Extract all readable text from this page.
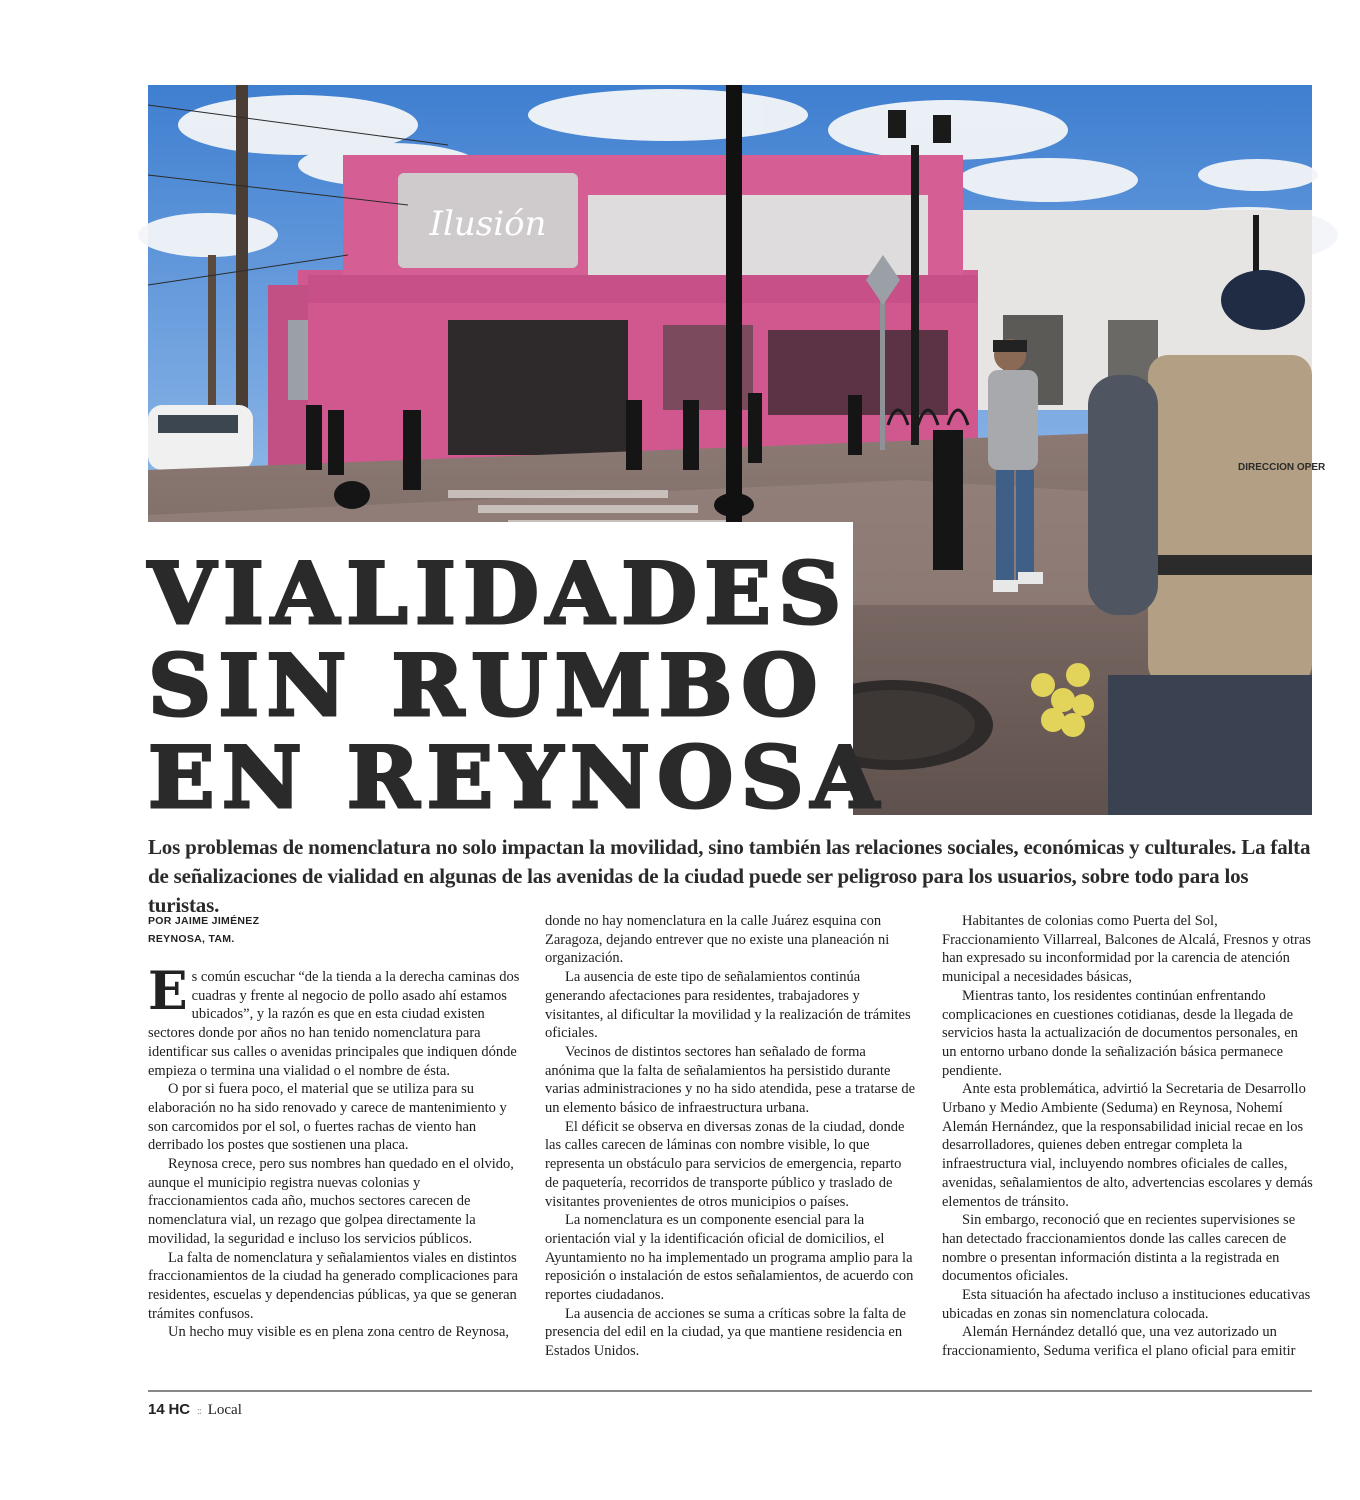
Ilusión
DIRECCION OPER
VIALIDADES
SIN RUMBO
EN REYNOSA

Los problemas de nomenclatura no solo impactan la movilidad, sino también las relaciones sociales, económicas y culturales. La falta de señalizaciones de vialidad en algunas de las avenidas de la ciudad puede ser peligroso para los usuarios, sobre todo para los turistas.

POR JAIME JIMÉNEZ
REYNOSA, TAM.

Es común escuchar “de la tienda a la derecha caminas dos cuadras y frente al negocio de pollo asado ahí estamos ubicados”, y la razón es que en esta ciudad existen sectores donde por años no han tenido nomenclatura para identificar sus calles o avenidas principales que indiquen dónde empieza o termina una vialidad o el nombre de ésta.

O por si fuera poco, el material que se utiliza para su elaboración no ha sido renovado y carece de mantenimiento y son carcomidos por el sol, o fuertes rachas de viento han derribado los postes que sostienen una placa.

Reynosa crece, pero sus nombres han quedado en el olvido, aunque el municipio registra nuevas colonias y fraccionamientos cada año, muchos sectores carecen de nomenclatura vial, un rezago que golpea directamente la movilidad, la seguridad e incluso los servicios públicos.

La falta de nomenclatura y señalamientos viales en distintos fraccionamientos de la ciudad ha generado complicaciones para residentes, escuelas y dependencias públicas, ya que se generan trámites confusos.

Un hecho muy visible es en plena zona centro de Reynosa,

donde no hay nomenclatura en la calle Juárez esquina con Zaragoza, dejando entrever que no existe una planeación ni organización.

La ausencia de este tipo de señalamientos continúa generando afectaciones para residentes, trabajadores y visitantes, al dificultar la movilidad y la realización de trámites oficiales.

Vecinos de distintos sectores han señalado de forma anónima que la falta de señalamientos ha persistido durante varias administraciones y no ha sido atendida, pese a tratarse de un elemento básico de infraestructura urbana.

El déficit se observa en diversas zonas de la ciudad, donde las calles carecen de láminas con nombre visible, lo que representa un obstáculo para servicios de emergencia, reparto de paquetería, recorridos de transporte público y traslado de visitantes provenientes de otros municipios o países.

La nomenclatura es un componente esencial para la orientación vial y la identificación oficial de domicilios, el Ayuntamiento no ha implementado un programa amplio para la reposición o instalación de estos señalamientos, de acuerdo con reportes ciudadanos.

La ausencia de acciones se suma a críticas sobre la falta de presencia del edil en la ciudad, ya que mantiene residencia en Estados Unidos.

Habitantes de colonias como Puerta del Sol, Fraccionamiento Villarreal, Balcones de Alcalá, Fresnos y otras han expresado su inconformidad por la carencia de atención municipal a necesidades básicas,

Mientras tanto, los residentes continúan enfrentando complicaciones en cuestiones cotidianas, desde la llegada de servicios hasta la actualización de documentos personales, en un entorno urbano donde la señalización básica permanece pendiente.

Ante esta problemática, advirtió la Secretaria de Desarrollo Urbano y Medio Ambiente (Seduma) en Reynosa, Nohemí Alemán Hernández, que la responsabilidad inicial recae en los desarrolladores, quienes deben entregar completa la infraestructura vial, incluyendo nombres oficiales de calles, avenidas, señalamientos de alto, advertencias escolares y demás elementos de tránsito.

Sin embargo, reconoció que en recientes supervisiones se han detectado fraccionamientos donde las calles carecen de nombre o presentan información distinta a la registrada en documentos oficiales.

Esta situación ha afectado incluso a instituciones educativas ubicadas en zonas sin nomenclatura colocada.

Alemán Hernández detalló que, una vez autorizado un fraccionamiento, Seduma verifica el plano oficial para emitir

14 HC :: Local
